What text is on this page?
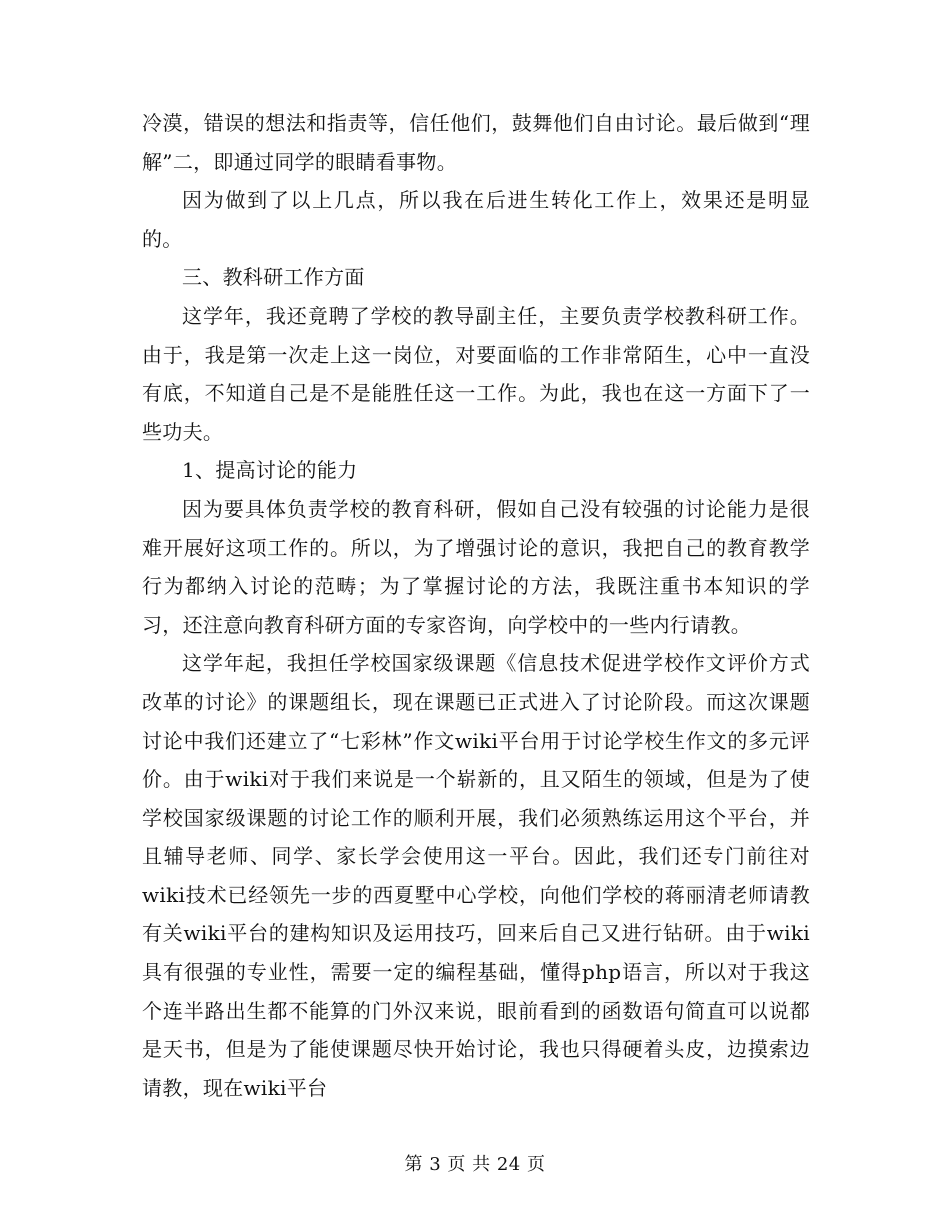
冷漠，错误的想法和指责等，信任他们，鼓舞他们自由讨论。最后做到“理解”二，即通过同学的眼睛看事物。

因为做到了以上几点，所以我在后进生转化工作上，效果还是明显的。

三、教科研工作方面

这学年，我还竟聘了学校的教导副主任，主要负责学校教科研工作。由于，我是第一次走上这一岗位，对要面临的工作非常陌生，心中一直没有底，不知道自己是不是能胜任这一工作。为此，我也在这一方面下了一些功夫。

1、提高讨论的能力

因为要具体负责学校的教育科研，假如自己没有较强的讨论能力是很难开展好这项工作的。所以，为了增强讨论的意识，我把自己的教育教学行为都纳入讨论的范畴；为了掌握讨论的方法，我既注重书本知识的学习，还注意向教育科研方面的专家咨询，向学校中的一些内行请教。

这学年起，我担任学校国家级课题《信息技术促进学校作文评价方式改革的讨论》的课题组长，现在课题已正式进入了讨论阶段。而这次课题讨论中我们还建立了“七彩林”作文wiki平台用于讨论学校生作文的多元评价。由于wiki对于我们来说是一个崭新的，且又陌生的领域，但是为了使学校国家级课题的讨论工作的顺利开展，我们必须熟练运用这个平台，并且辅导老师、同学、家长学会使用这一平台。因此，我们还专门前往对wiki技术已经领先一步的西夏墅中心学校，向他们学校的蒋丽清老师请教有关wiki平台的建构知识及运用技巧，回来后自己又进行钻研。由于wiki具有很强的专业性，需要一定的编程基础，懂得php语言，所以对于我这个连半路出生都不能算的门外汉来说，眼前看到的函数语句简直可以说都是天书，但是为了能使课题尽快开始讨论，我也只得硬着头皮，边摸索边请教，现在wiki平台

第 3 页 共 24 页
